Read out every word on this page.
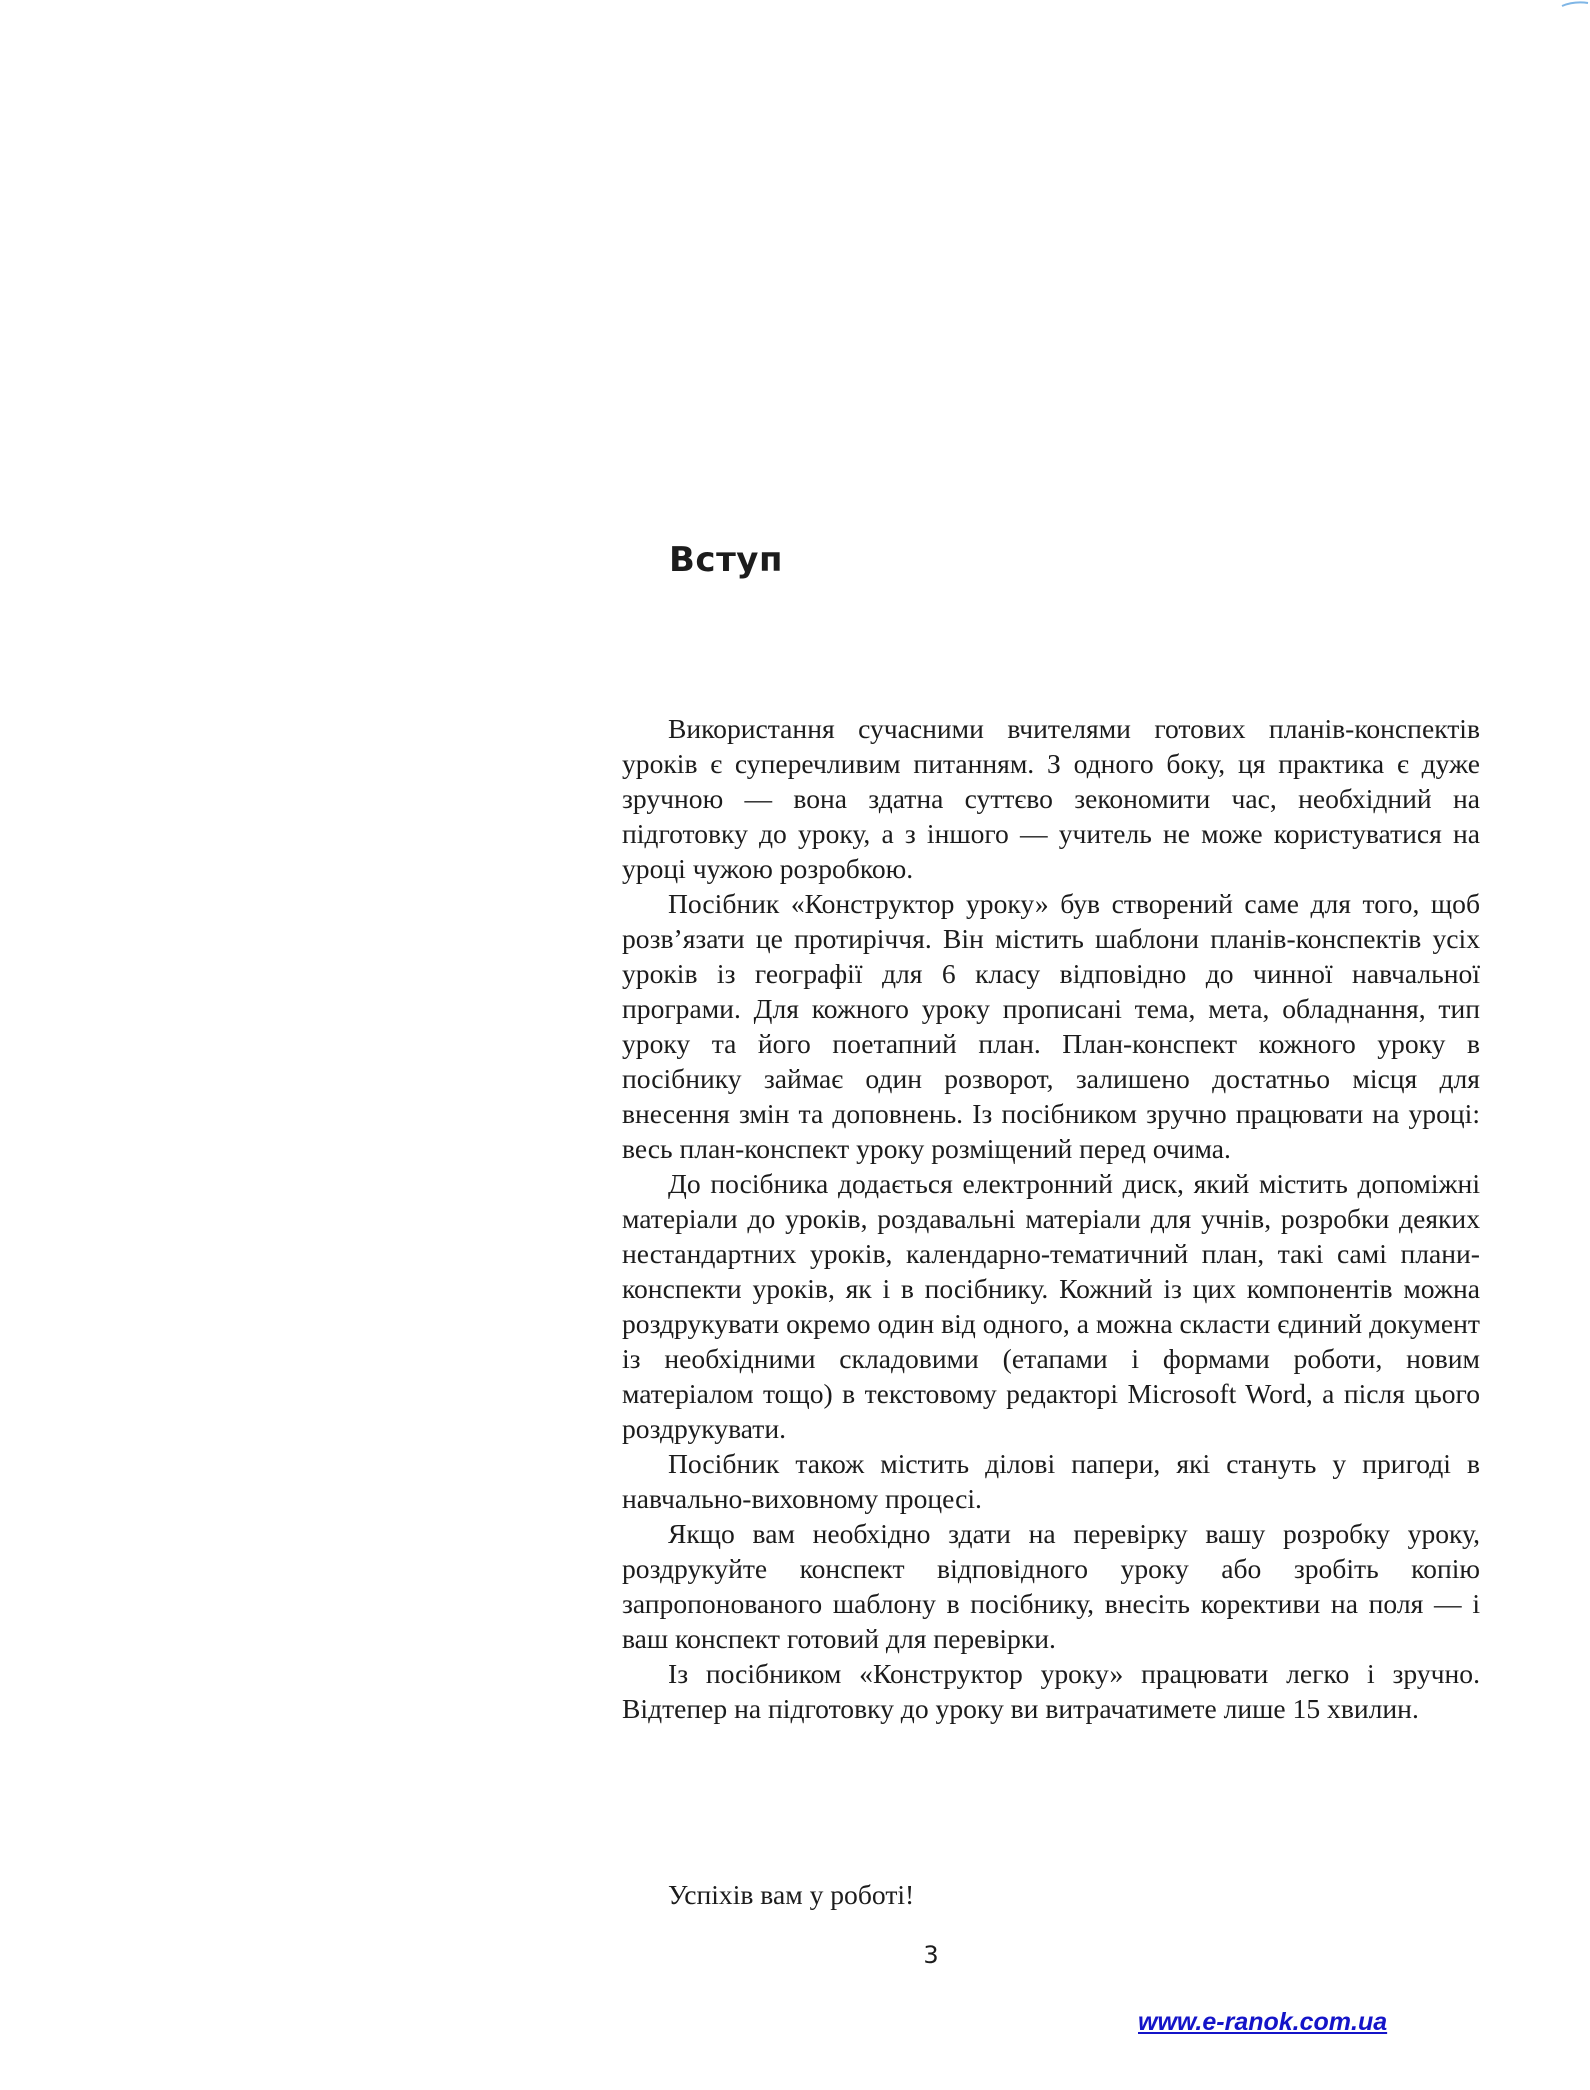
Вступ

Використання сучасними вчителями готових планів-конспектів уроків є суперечливим питанням. З одного боку, ця практика є дуже зручною — вона здатна суттєво зекономити час, необхідний на підготовку до уроку, а з іншого — учитель не може користуватися на уроці чужою розробкою.

Посібник «Конструктор уроку» був створений саме для того, щоб розв’язати це протиріччя. Він містить шаблони планів-конспектів усіх уроків із географії для 6 класу відповідно до чинної навчальної програми. Для кожного уроку прописані тема, мета, обладнання, тип уроку та його поетапний план. План-конспект кожного уроку в посібнику займає один розворот, залишено достатньо місця для внесення змін та доповнень. Із посібником зручно працювати на уроці: весь план-конспект уроку розміщений перед очима.

До посібника додається електронний диск, який містить допоміжні матеріали до уроків, роздавальні матеріали для учнів, розробки деяких нестандартних уроків, календарно-тематичний план, такі самі плани-конспекти уроків, як і в посібнику. Кожний із цих компонентів можна роздрукувати окремо один від одного, а можна скласти єдиний документ із необхідними складовими (етапами і формами роботи, новим матеріалом тощо) в текстовому редакторі Microsoft Word, а після цього роздрукувати.

Посібник також містить ділові папери, які стануть у пригоді в навчально-виховному процесі.

Якщо вам необхідно здати на перевірку вашу розробку уроку, роздрукуйте конспект відповідного уроку або зробіть копію запропонованого шаблону в посібнику, внесіть корективи на поля — і ваш конспект готовий для перевірки.

Із посібником «Конструктор уроку» працювати легко і зручно. Відтепер на підготовку до уроку ви витрачатимете лише 15 хвилин.

Успіхів вам у роботі!

3

www.e-ranok.com.ua
